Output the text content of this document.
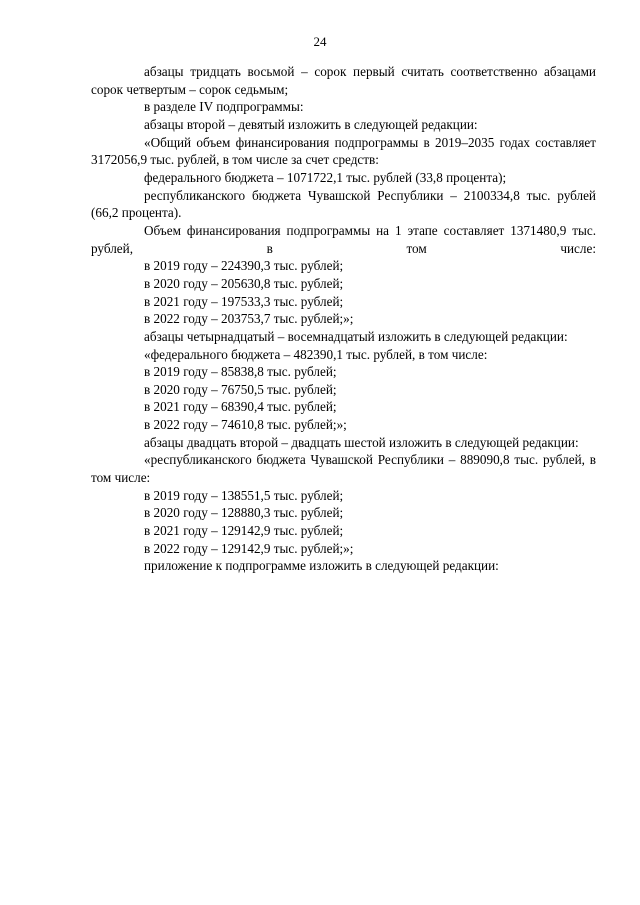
24

абзацы тридцать восьмой – сорок первый считать соответственно абзацами сорок четвертым – сорок седьмым;

в разделе IV подпрограммы:

абзацы второй – девятый изложить в следующей редакции:

«Общий объем финансирования подпрограммы в 2019–2035 годах составляет 3172056,9 тыс. рублей, в том числе за счет средств:

федерального бюджета – 1071722,1 тыс. рублей (33,8 процента);

республиканского бюджета Чувашской Республики – 2100334,8 тыс. рублей (66,2 процента).

Объем финансирования подпрограммы на 1 этапе составляет 1371480,9 тыс. рублей, в том числе:

в 2019 году – 224390,3 тыс. рублей;

в 2020 году – 205630,8 тыс. рублей;

в 2021 году – 197533,3 тыс. рублей;

в 2022 году – 203753,7 тыс. рублей;»;

абзацы четырнадцатый – восемнадцатый изложить в следующей редакции:

«федерального бюджета – 482390,1 тыс. рублей, в том числе:

в 2019 году – 85838,8 тыс. рублей;

в 2020 году – 76750,5 тыс. рублей;

в 2021 году – 68390,4 тыс. рублей;

в 2022 году – 74610,8 тыс. рублей;»;

абзацы двадцать второй – двадцать шестой изложить в следующей редакции:

«республиканского бюджета Чувашской Республики – 889090,8 тыс. рублей, в том числе:

в 2019 году – 138551,5 тыс. рублей;

в 2020 году – 128880,3 тыс. рублей;

в 2021 году – 129142,9 тыс. рублей;

в 2022 году – 129142,9 тыс. рублей;»;

приложение к подпрограмме изложить в следующей редакции:
